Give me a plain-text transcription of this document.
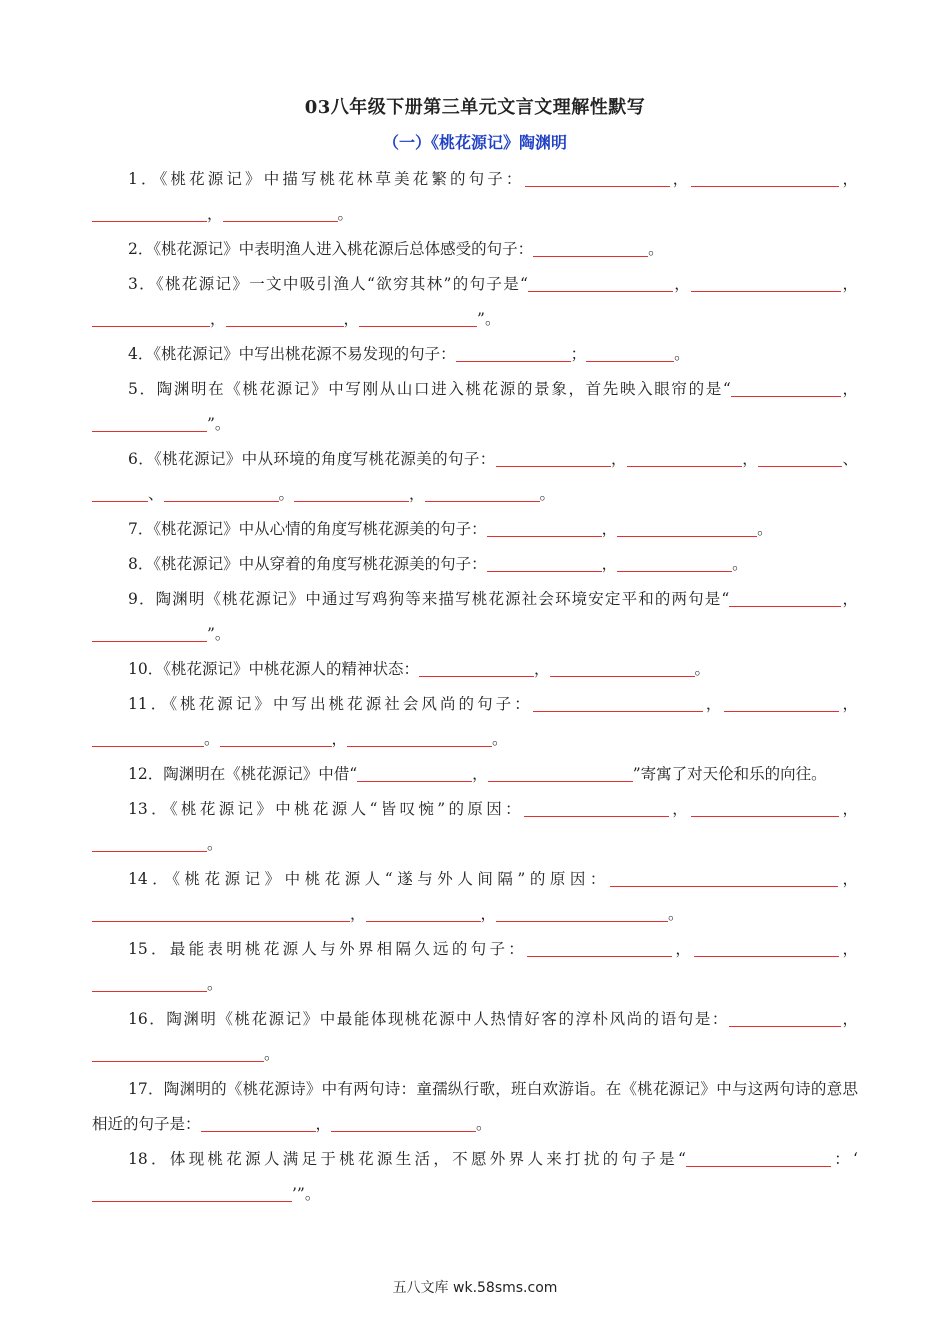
03八年级下册第三单元文言文理解性默写
（一）《桃花源记》陶渊明

1．《桃花源记》中描写桃花林草美花繁的句子：	，	，，	。

2．《桃花源记》中表明渔人进入桃花源后总体感受的句子：	。

3．《桃花源记》一文中吸引渔人“欲穷其林”的句子是“	，	，，	，	”。

4．《桃花源记》中写出桃花源不易发现的句子：	；	。

5．陶渊明在《桃花源记》中写刚从山口进入桃花源的景象，首先映入眼帘的是“	，”。

6．《桃花源记》中从环境的角度写桃花源美的句子：	，	，	、、	。	，	。

7．《桃花源记》中从心情的角度写桃花源美的句子：	，	。

8．《桃花源记》中从穿着的角度写桃花源美的句子：	，	。

9．陶渊明《桃花源记》中通过写鸡狗等来描写桃花源社会环境安定平和的两句是“	，”。

10．《桃花源记》中桃花源人的精神状态：	，	。

11．《桃花源记》中写出桃花源社会风尚的句子：	，	，。	，	。

12．陶渊明在《桃花源记》中借“	，	”寄寓了对天伦和乐的向往。

13．《桃花源记》中桃花源人“皆叹惋”的原因：	，	，。

14．《桃花源记》中桃花源人“遂与外人间隔”的原因：	，，	，	。

15．最能表明桃花源人与外界相隔久远的句子：	，	，。

16．陶渊明《桃花源记》中最能体现桃花源中人热情好客的淳朴风尚的语句是：	，。

17．陶渊明的《桃花源诗》中有两句诗：童孺纵行歌，班白欢游诣。在《桃花源记》中与这两句诗的意思相近的句子是：	，	。

18．体现桃花源人满足于桃花源生活，不愿外界人来打扰的句子是“	：‘’”。

五八文库 wk.58sms.com
